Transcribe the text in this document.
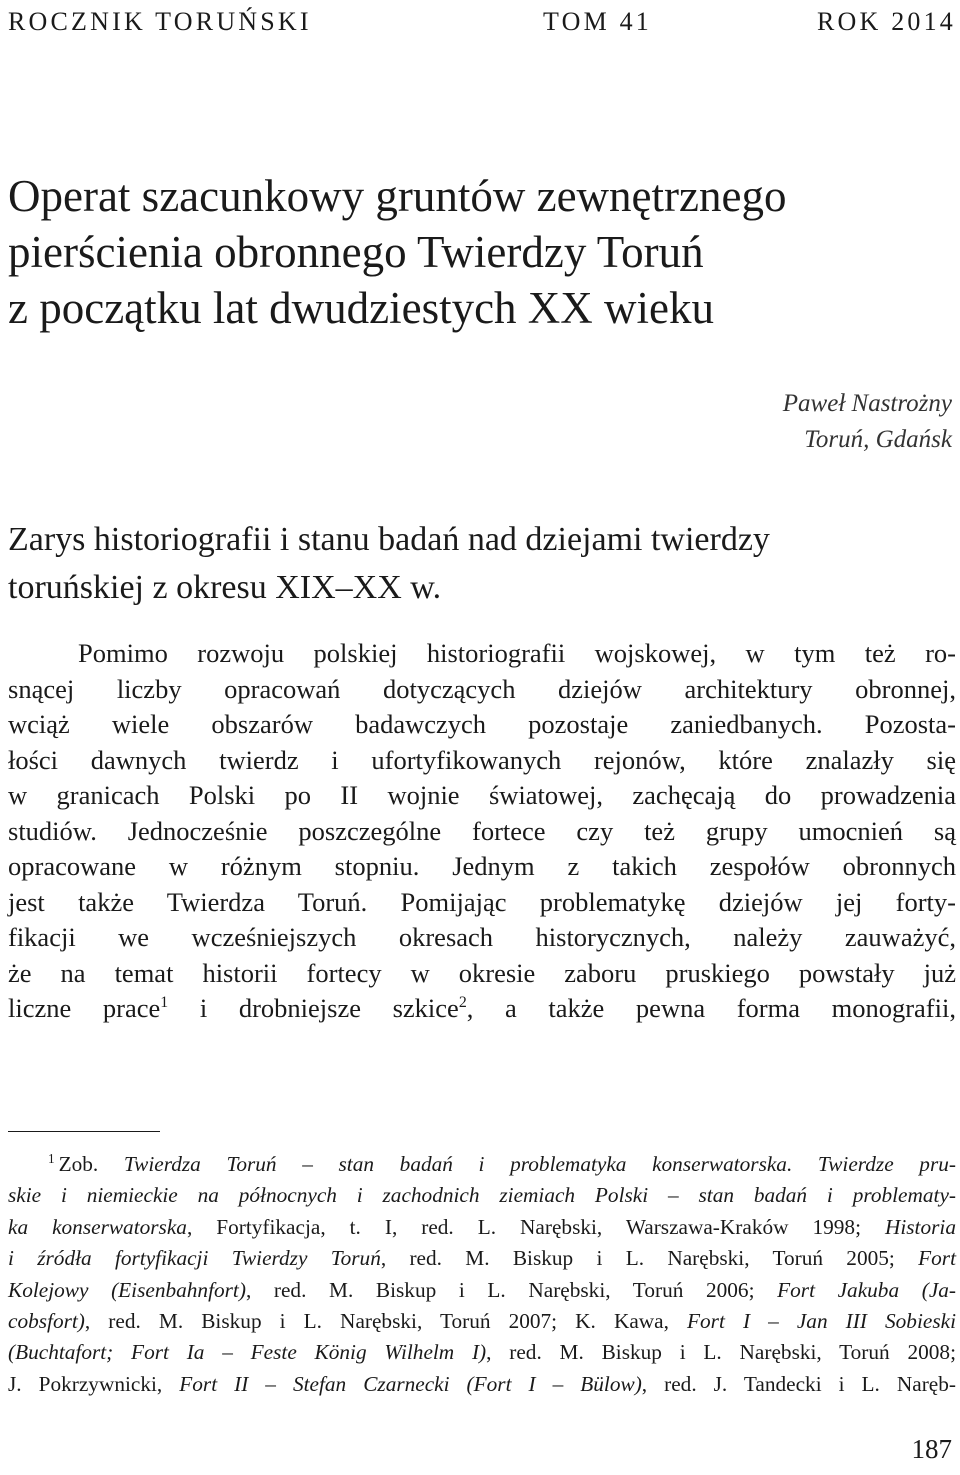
ROCZNIK TORUŃSKI	TOM 41	ROK 2014
Operat szacunkowy gruntów zewnętrznego
pierścienia obronnego Twierdzy Toruń
z początku lat dwudziestych XX wieku
Paweł Nastrożny
Toruń, Gdańsk
Zarys historiografii i stanu badań nad dziejami twierdzy
toruńskiej z okresu XIX–XX w.
Pomimo rozwoju polskiej historiografii wojskowej, w tym też ro-
snącej liczby opracowań dotyczących dziejów architektury obronnej,
wciąż wiele obszarów badawczych pozostaje zaniedbanych. Pozosta-
łości dawnych twierdz i ufortyfikowanych rejonów, które znalazły się
w granicach Polski po II wojnie światowej, zachęcają do prowadzenia
studiów. Jednocześnie poszczególne fortece czy też grupy umocnień są
opracowane w różnym stopniu. Jednym z takich zespołów obronnych
jest także Twierdza Toruń. Pomijając problematykę dziejów jej forty-
fikacji we wcześniejszych okresach historycznych, należy zauważyć,
że na temat historii fortecy w okresie zaboru pruskiego powstały już
liczne prace$^1$ i drobniejsze szkice$^2$, a także pewna forma monografii,
$^1$ Zob. Twierdza Toruń – stan badań i problematyka konserwatorska. Twierdze pru-
skie i niemieckie na północnych i zachodnich ziemiach Polski – stan badań i problematy-
ka konserwatorska, Fortyfikacja, t. I, red. L. Narębski, Warszawa-Kraków 1998; Historia
i źródła fortyfikacji Twierdzy Toruń, red. M. Biskup i L. Narębski, Toruń 2005; Fort
Kolejowy (Eisenbahnfort), red. M. Biskup i L. Narębski, Toruń 2006; Fort Jakuba (Ja-
cobsfort), red. M. Biskup i L. Narębski, Toruń 2007; K. Kawa, Fort I – Jan III Sobieski
(Buchtafort; Fort Ia – Feste König Wilhelm I), red. M. Biskup i L. Narębski, Toruń 2008;
J. Pokrzywnicki, Fort II – Stefan Czarnecki (Fort I – Bülow), red. J. Tandecki i L. Naręb-
187
